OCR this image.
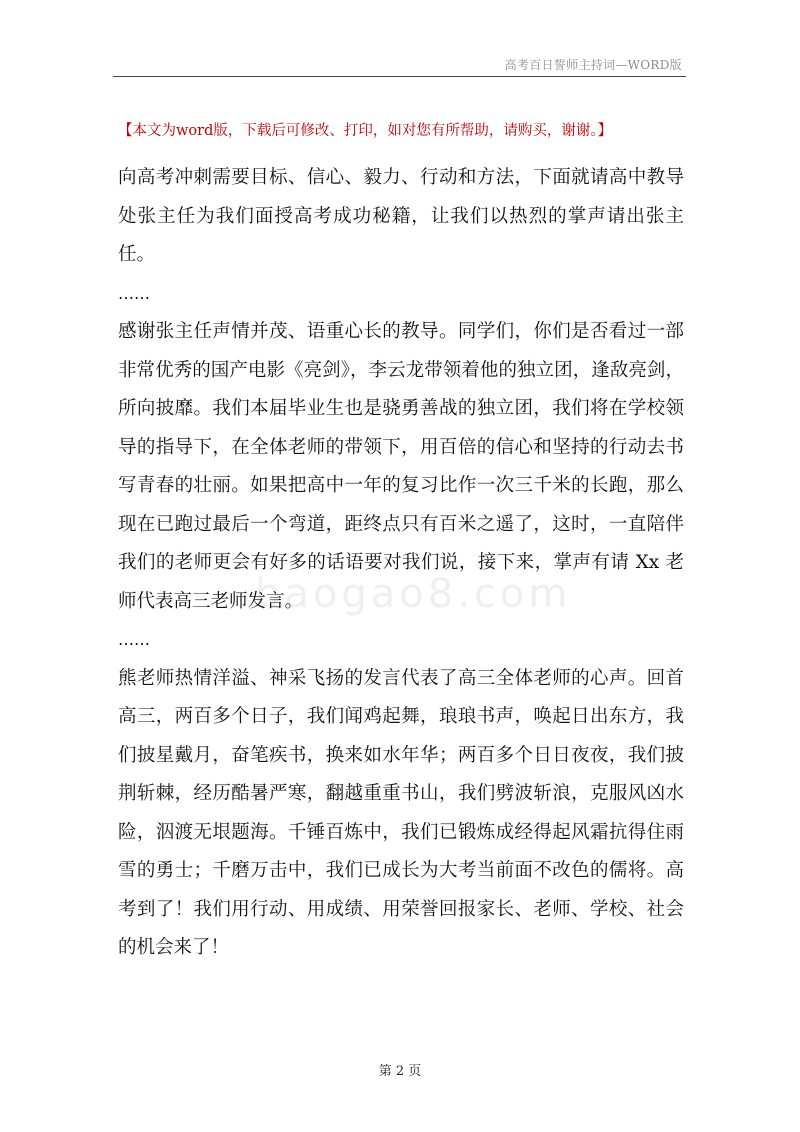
高考百日誓师主持词—WORD版
【本文为word版，下载后可修改、打印，如对您有所帮助，请购买，谢谢。】
baogao8.com

向高考冲刺需要目标、信心、毅力、行动和方法，下面就请高中教导处张主任为我们面授高考成功秘籍，让我们以热烈的掌声请出张主任。

……

感谢张主任声情并茂、语重心长的教导。同学们，你们是否看过一部非常优秀的国产电影《亮剑》，李云龙带领着他的独立团，逢敌亮剑，所向披靡。我们本届毕业生也是骁勇善战的独立团，我们将在学校领导的指导下，在全体老师的带领下，用百倍的信心和坚持的行动去书写青春的壮丽。如果把高中一年的复习比作一次三千米的长跑，那么现在已跑过最后一个弯道，距终点只有百米之遥了，这时，一直陪伴我们的老师更会有好多的话语要对我们说，接下来，掌声有请 Xx 老师代表高三老师发言。

……

熊老师热情洋溢、神采飞扬的发言代表了高三全体老师的心声。回首高三，两百多个日子，我们闻鸡起舞，琅琅书声，唤起日出东方，我们披星戴月，奋笔疾书，换来如水年华；两百多个日日夜夜，我们披荆斩棘，经历酷暑严寒，翻越重重书山，我们劈波斩浪，克服风凶水险，泅渡无垠题海。千锤百炼中，我们已锻炼成经得起风霜抗得住雨雪的勇士；千磨万击中，我们已成长为大考当前面不改色的儒将。高考到了！我们用行动、用成绩、用荣誉回报家长、老师、学校、社会的机会来了！

第 2 页
